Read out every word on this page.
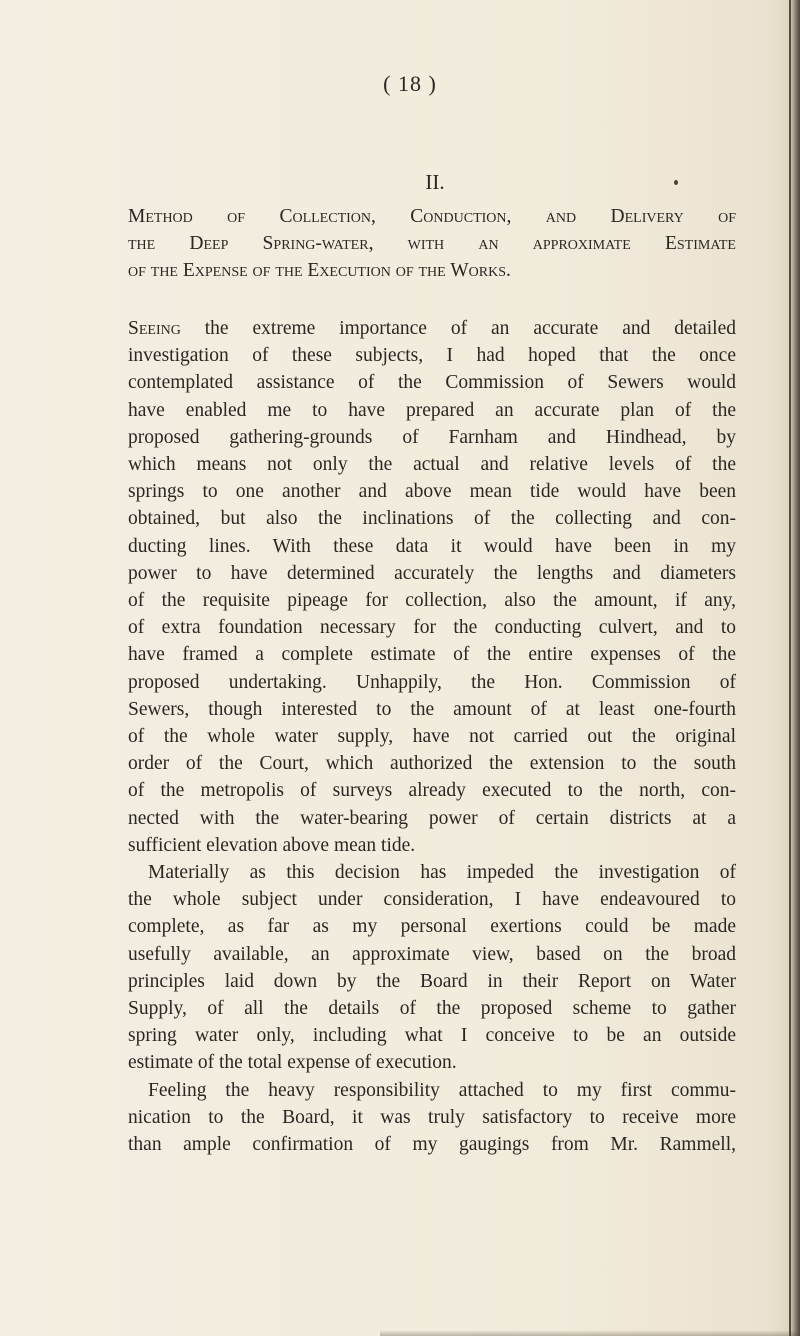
( 18 )
II.
Method of Collection, Conduction, and Delivery of
the Deep Spring-water, with an approximate Estimate
of the Expense of the Execution of the Works.
Seeing the extreme importance of an accurate and detailed
investigation of these subjects, I had hoped that the once
contemplated assistance of the Commission of Sewers would
have enabled me to have prepared an accurate plan of the
proposed gathering-grounds of Farnham and Hindhead, by
which means not only the actual and relative levels of the
springs to one another and above mean tide would have been
obtained, but also the inclinations of the collecting and con-
ducting lines. With these data it would have been in my
power to have determined accurately the lengths and diameters
of the requisite pipeage for collection, also the amount, if any,
of extra foundation necessary for the conducting culvert, and to
have framed a complete estimate of the entire expenses of the
proposed undertaking. Unhappily, the Hon. Commission of
Sewers, though interested to the amount of at least one-fourth
of the whole water supply, have not carried out the original
order of the Court, which authorized the extension to the south
of the metropolis of surveys already executed to the north, con-
nected with the water-bearing power of certain districts at a
sufficient elevation above mean tide.
Materially as this decision has impeded the investigation of
the whole subject under consideration, I have endeavoured to
complete, as far as my personal exertions could be made
usefully available, an approximate view, based on the broad
principles laid down by the Board in their Report on Water
Supply, of all the details of the proposed scheme to gather
spring water only, including what I conceive to be an outside
estimate of the total expense of execution.
Feeling the heavy responsibility attached to my first commu-
nication to the Board, it was truly satisfactory to receive more
than ample confirmation of my gaugings from Mr. Rammell,
